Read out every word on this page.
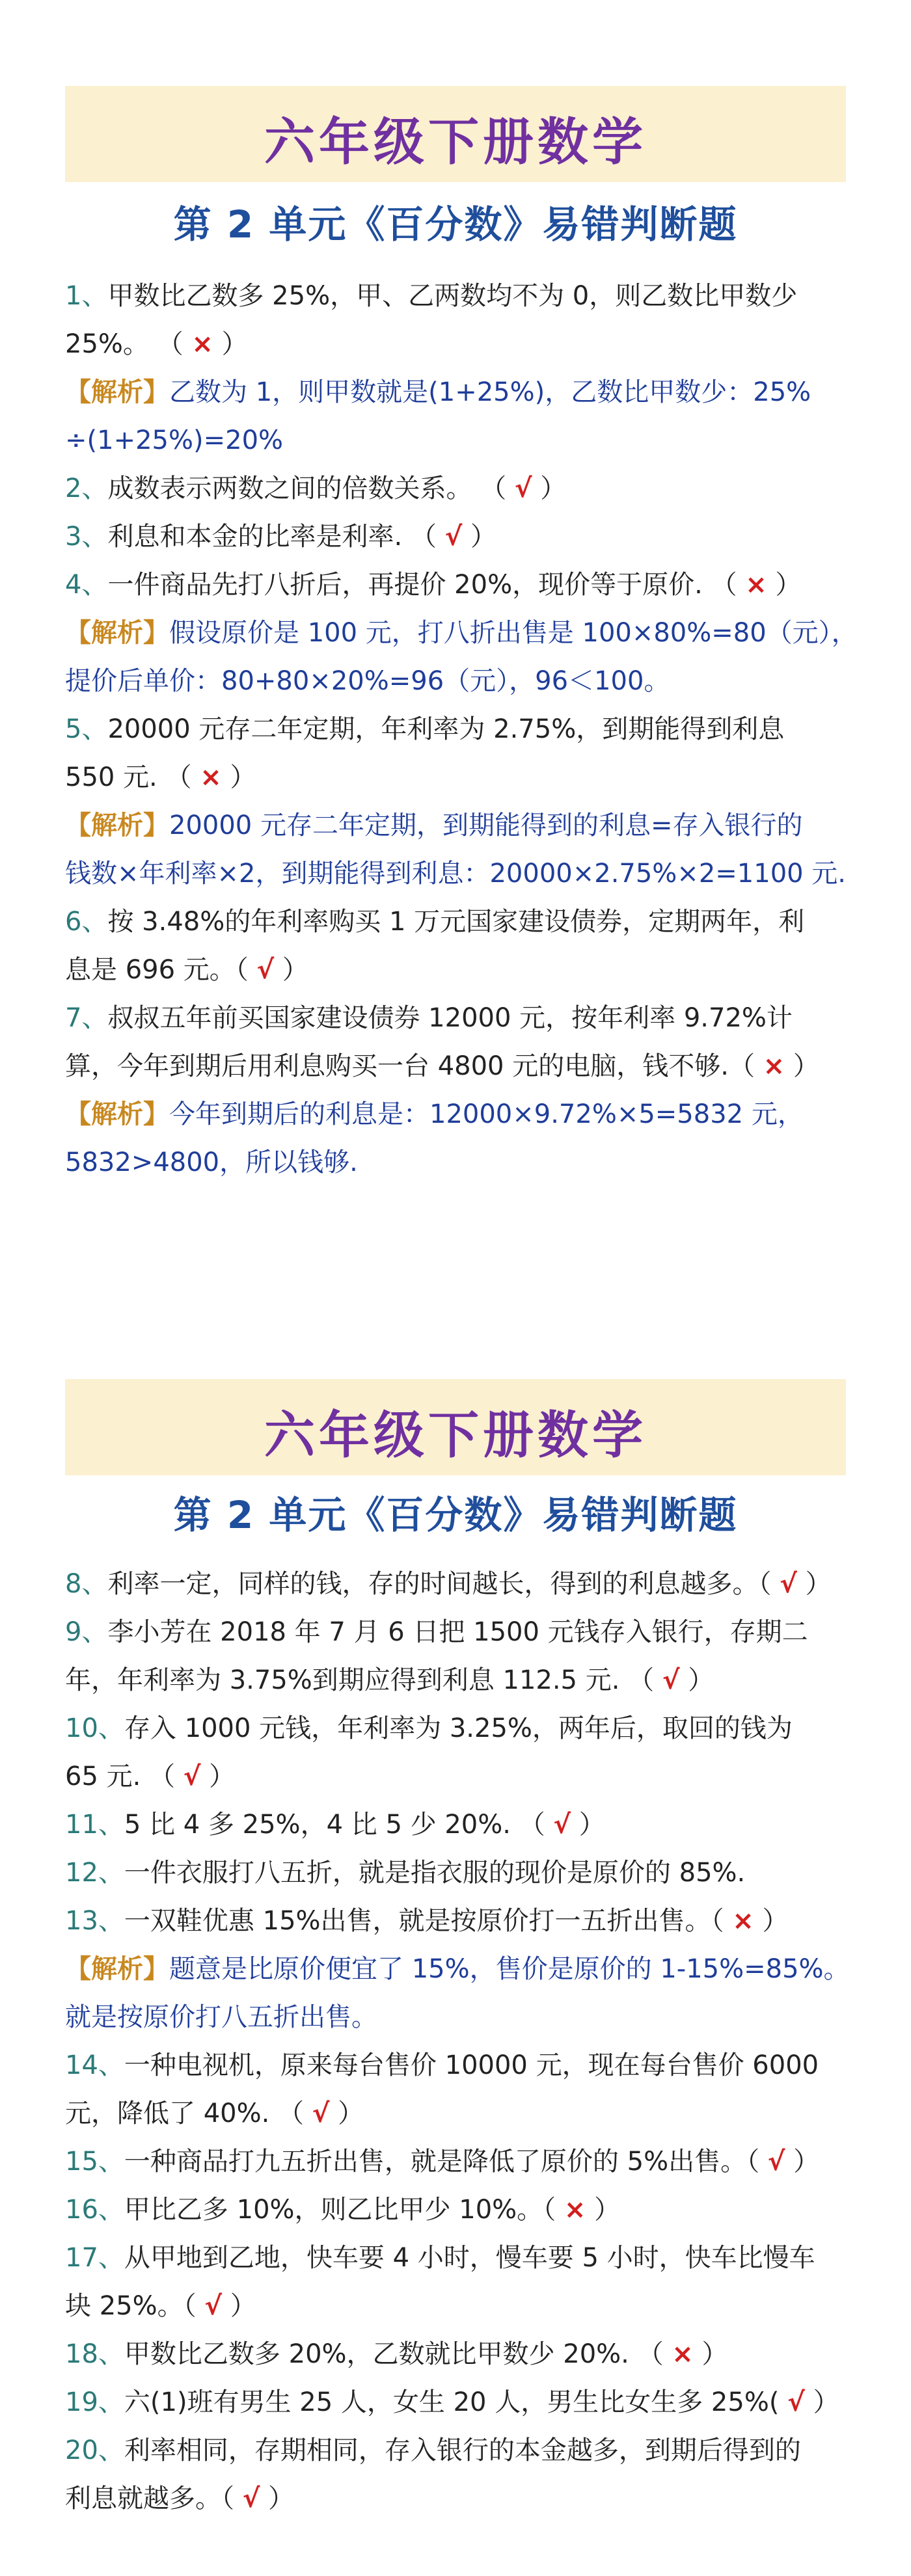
六年级下册数学
第 2 单元《百分数》易错判断题
1、甲数比乙数多 25%，甲、乙两数均不为 0，则乙数比甲数少
25%。 （ × ）
【解析】乙数为 1，则甲数就是(1+25%)，乙数比甲数少：25%
÷(1+25%)=20%
2、成数表示两数之间的倍数关系。 （ √ ）
3、利息和本金的比率是利率. （ √ ）
4、一件商品先打八折后，再提价 20%，现价等于原价. （ × ）
【解析】假设原价是 100 元，打八折出售是 100×80%=80（元），
提价后单价：80+80×20%=96（元），96＜100。
5、20000 元存二年定期，年利率为 2.75%，到期能得到利息
550 元. （ × ）
【解析】20000 元存二年定期，到期能得到的利息=存入银行的
钱数×年利率×2，到期能得到利息：20000×2.75%×2=1100 元.
6、按 3.48%的年利率购买 1 万元国家建设债券，定期两年，利
息是 696 元。（ √ ）
7、叔叔五年前买国家建设债券 12000 元，按年利率 9.72%计
算，今年到期后用利息购买一台 4800 元的电脑，钱不够.（ × ）
【解析】今年到期后的利息是：12000×9.72%×5=5832 元，
5832>4800，所以钱够.
六年级下册数学
第 2 单元《百分数》易错判断题
8、利率一定，同样的钱，存的时间越长，得到的利息越多。（ √ ）
9、李小芳在 2018 年 7 月 6 日把 1500 元钱存入银行，存期二
年，年利率为 3.75%到期应得到利息 112.5 元. （ √ ）
10、存入 1000 元钱，年利率为 3.25%，两年后，取回的钱为
65 元. （ √ ）
11、5 比 4 多 25%，4 比 5 少 20%. （ √ ）
12、一件衣服打八五折，就是指衣服的现价是原价的 85%.
13、一双鞋优惠 15%出售，就是按原价打一五折出售。（ × ）
【解析】题意是比原价便宜了 15%，售价是原价的 1-15%=85%。
就是按原价打八五折出售。
14、一种电视机，原来每台售价 10000 元，现在每台售价 6000
元，降低了 40%. （ √ ）
15、一种商品打九五折出售，就是降低了原价的 5%出售。（ √ ）
16、甲比乙多 10%，则乙比甲少 10%。（ × ）
17、从甲地到乙地，快车要 4 小时，慢车要 5 小时，快车比慢车
块 25%。（ √ ）
18、甲数比乙数多 20%，乙数就比甲数少 20%. （ × ）
19、六(1)班有男生 25 人，女生 20 人，男生比女生多 25%( √ ）
20、利率相同，存期相同，存入银行的本金越多，到期后得到的
利息就越多。（ √ ）
